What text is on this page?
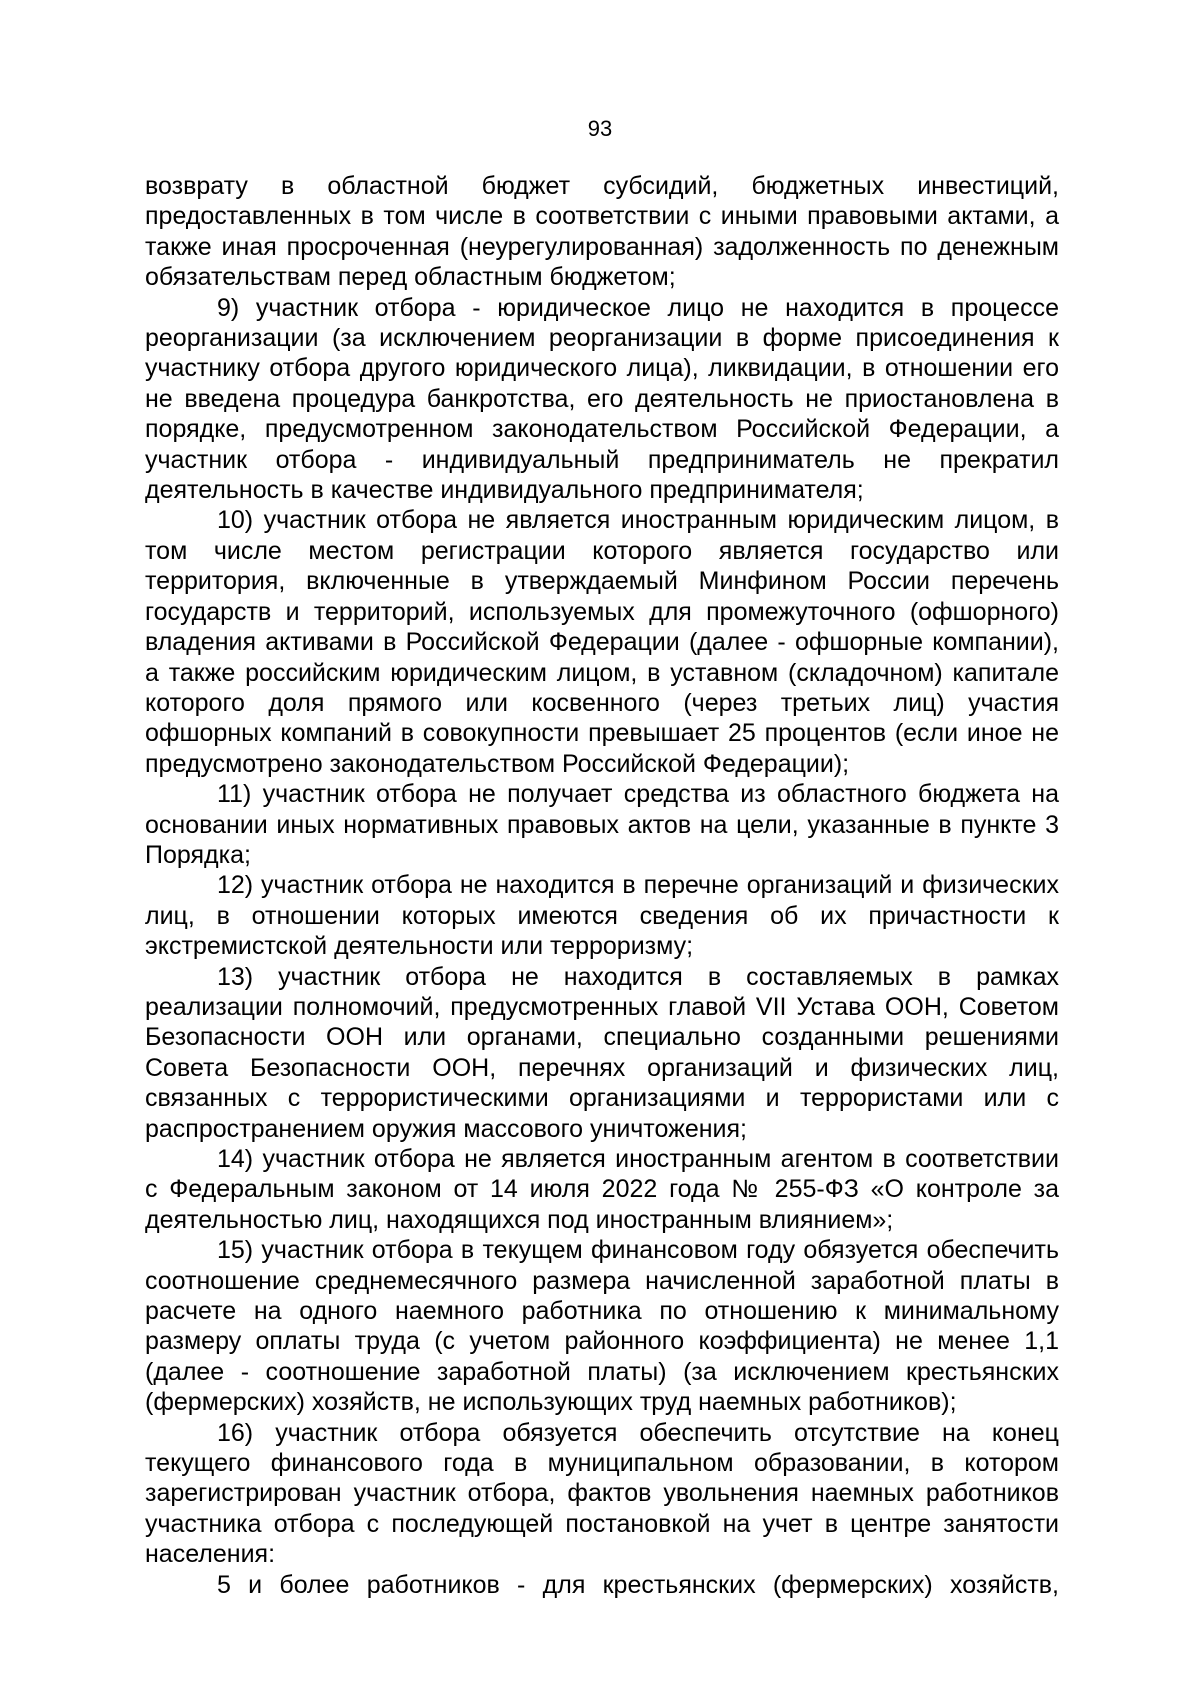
93

возврату в областной бюджет субсидий, бюджетных инвестиций, предоставленных в том числе в соответствии с иными правовыми актами, а также иная просроченная (неурегулированная) задолженность по денежным обязательствам перед областным бюджетом;

9) участник отбора - юридическое лицо не находится в процессе реорганизации (за исключением реорганизации в форме присоединения к участнику отбора другого юридического лица), ликвидации, в отношении его не введена процедура банкротства, его деятельность не приостановлена в порядке, предусмотренном законодательством Российской Федерации, а участник отбора - индивидуальный предприниматель не прекратил деятельность в качестве индивидуального предпринимателя;

10) участник отбора не является иностранным юридическим лицом, в том числе местом регистрации которого является государство или территория, включенные в утверждаемый Минфином России перечень государств и территорий, используемых для промежуточного (офшорного) владения активами в Российской Федерации (далее - офшорные компании), а также российским юридическим лицом, в уставном (складочном) капитале которого доля прямого или косвенного (через третьих лиц) участия офшорных компаний в совокупности превышает 25 процентов (если иное не предусмотрено законодательством Российской Федерации);

11) участник отбора не получает средства из областного бюджета на основании иных нормативных правовых актов на цели, указанные в пункте 3 Порядка;

12) участник отбора не находится в перечне организаций и физических лиц, в отношении которых имеются сведения об их причастности к экстремистской деятельности или терроризму;

13) участник отбора не находится в составляемых в рамках реализации полномочий, предусмотренных главой VII Устава ООН, Советом Безопасности ООН или органами, специально созданными решениями Совета Безопасности ООН, перечнях организаций и физических лиц, связанных с террористическими организациями и террористами или с распространением оружия массового уничтожения;

14) участник отбора не является иностранным агентом в соответствии с Федеральным законом от 14 июля 2022 года № 255-ФЗ «О контроле за деятельностью лиц, находящихся под иностранным влиянием»;

15) участник отбора в текущем финансовом году обязуется обеспечить соотношение среднемесячного размера начисленной заработной платы в расчете на одного наемного работника по отношению к минимальному размеру оплаты труда (с учетом районного коэффициента) не менее 1,1 (далее - соотношение заработной платы) (за исключением крестьянских (фермерских) хозяйств, не использующих труд наемных работников);

16) участник отбора обязуется обеспечить отсутствие на конец текущего финансового года в муниципальном образовании, в котором зарегистрирован участник отбора, фактов увольнения наемных работников участника отбора с последующей постановкой на учет в центре занятости населения:

5 и более работников - для крестьянских (фермерских) хозяйств,
